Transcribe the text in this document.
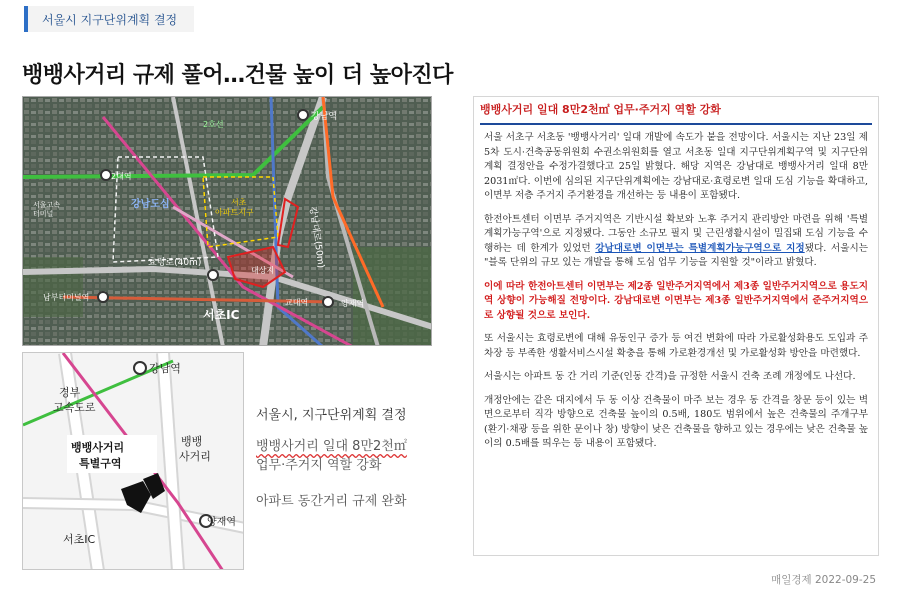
서울시 지구단위계획 결정
뱅뱅사거리 규제 풀어…건물 높이 더 높아진다
강남역
2호선
2대역
강남도심
서울고속 터미널
서초 아파트지구
효령로(40m)
대상지
남부터미널역
교대역
서초IC
양재역
강남대로(50m)
강남역
경부 고속도로
뱅뱅사거리 특별구역
뱅뱅 사거리
양재역
서초IC
서울시, 지구단위계획 결정
뱅뱅사거리 일대 8만2천㎡
업무·주거지 역할 강화
아파트 동간거리 규제 완화
뱅뱅사거리 일대 8만2천㎡ 업무·주거지 역할 강화

서울 서초구 서초동 '뱅뱅사거리' 일대 개발에 속도가 붙을 전망이다. 서울시는 지난 23일 제5차 도시·건축공동위원회 수권소위원회를 열고 서초동 일대 지구단위계획구역 및 지구단위계획 결정안을 수정가결했다고 25일 밝혔다. 해당 지역은 강남대로 뱅뱅사거리 일대 8만2031㎡다. 이번에 심의된 지구단위계획에는 강남대로·효령로변 일대 도심 기능을 확대하고, 이면부 저층 주거지 주거환경을 개선하는 등 내용이 포함됐다.

한전아트센터 이면부 주거지역은 기반시설 확보와 노후 주거지 관리방안 마련을 위해 '특별계획가능구역'으로 지정됐다. 그동안 소규모 필지 및 근린생활시설이 밀집돼 도심 기능을 수행하는 데 한계가 있었던 강남대로변 이면부는 특별계획가능구역으로 지정됐다. 서울시는 "블록 단위의 규모 있는 개발을 통해 도심 업무 기능을 지원할 것"이라고 밝혔다.

이에 따라 한전아트센터 이면부는 제2종 일반주거지역에서 제3종 일반주거지역으로 용도지역 상향이 가능해질 전망이다. 강남대로변 이면부는 제3종 일반주거지역에서 준주거지역으로 상향될 것으로 보인다.

또 서울시는 효령로변에 대해 유동인구 증가 등 여건 변화에 따라 가로활성화용도 도입과 주차장 등 부족한 생활서비스시설 확충을 통해 가로환경개선 및 가로활성화 방안을 마련했다.

서울시는 아파트 동 간 거리 기준(인동 간격)을 규정한 서울시 건축 조례 개정에도 나선다.

개정안에는 같은 대지에서 두 동 이상 건축물이 마주 보는 경우 동 간격을 창문 등이 있는 벽면으로부터 직각 방향으로 건축물 높이의 0.5배, 180도 범위에서 높은 건축물의 주개구부(환기·채광 등을 위한 문이나 창) 방향이 낮은 건축물을 향하고 있는 경우에는 낮은 건축물 높이의 0.5배를 띄우는 등 내용이 포함됐다.

매일경제 2022-09-25
